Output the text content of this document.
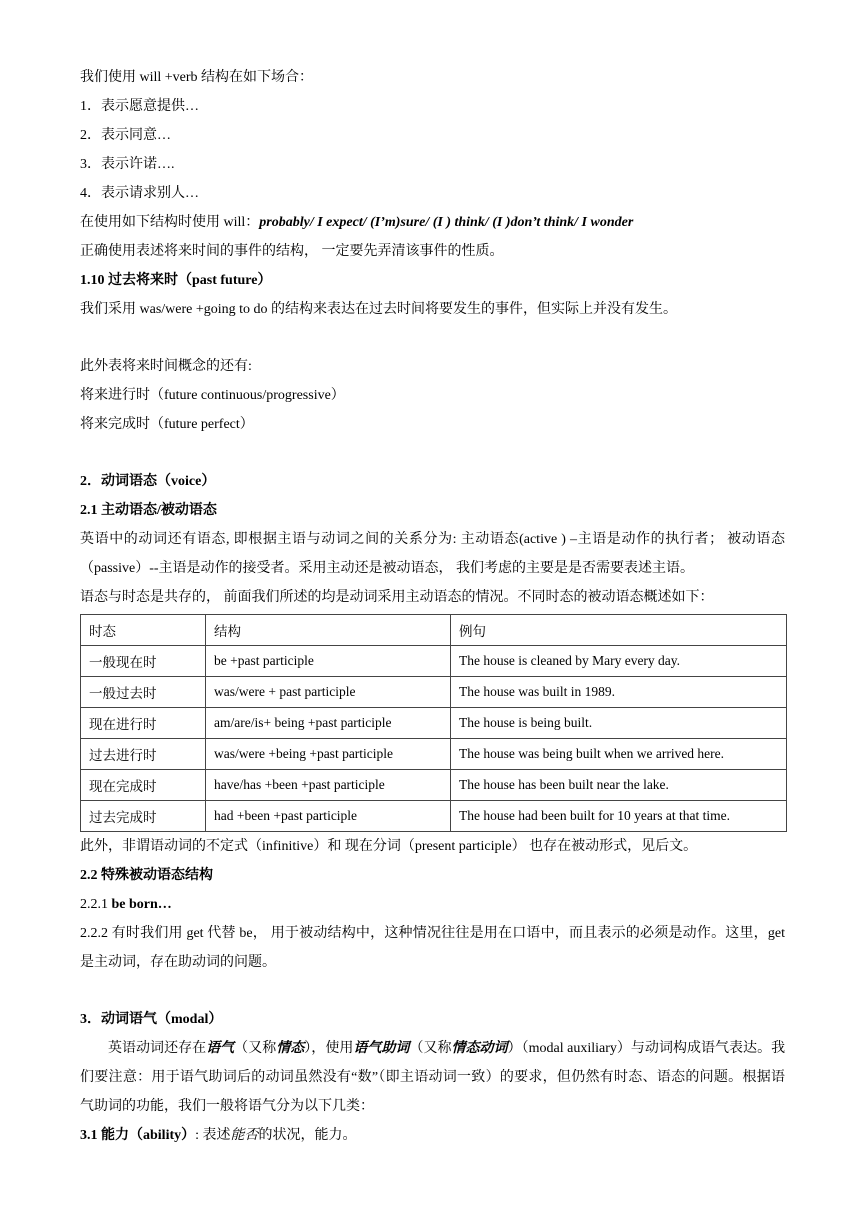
我们使用 will +verb 结构在如下场合：
1．表示愿意提供…
2．表示同意…
3．表示许诺….
4．表示请求别人…
在使用如下结构时使用 will：probably/ I expect/ (I’m)sure/ (I ) think/ (I )don’t think/ I wonder
正确使用表述将来时间的事件的结构， 一定要先弄清该事件的性质。
1.10 过去将来时（past future）
我们采用 was/were +going to do 的结构来表达在过去时间将要发生的事件，但实际上并没有发生。
此外表将来时间概念的还有:
将来进行时（future continuous/progressive）
将来完成时（future perfect）
2．动词语态（voice）
2.1 主动语态/被动语态
英语中的动词还有语态, 即根据主语与动词之间的关系分为: 主动语态(active ) –主语是动作的执行者； 被动语态（passive）--主语是动作的接受者。采用主动还是被动语态， 我们考虑的主要是是否需要表述主语。
语态与时态是共存的， 前面我们所述的均是动词采用主动语态的情况。不同时态的被动语态概述如下：
时态	结构	例句
一般现在时	be +past participle	The house is cleaned by Mary every day.
一般过去时	was/were + past participle	The house was built in 1989.
现在进行时	am/are/is+ being +past participle	The house is being built.
过去进行时	was/were +being +past participle	The house was being built when we arrived here.
现在完成时	have/has +been +past participle	The house has been built near the lake.
过去完成时	had +been +past participle	The house had been built for 10 years at that time.
此外，非谓语动词的不定式（infinitive）和 现在分词（present participle） 也存在被动形式，见后文。
2.2 特殊被动语态结构
2.2.1 be born…
2.2.2 有时我们用 get 代替 be， 用于被动结构中，这种情况往往是用在口语中，而且表示的必须是动作。这里，get 是主动词，存在助动词的问题。
3．动词语气（modal）
英语动词还存在语气（又称情态），使用语气助词（又称情态动词）（modal auxiliary）与动词构成语气表达。我们要注意：用于语气助词后的动词虽然没有“数”（即主语动词一致）的要求，但仍然有时态、语态的问题。根据语气助词的功能，我们一般将语气分为以下几类：
3.1 能力（ability）: 表述能否的状况，能力。
